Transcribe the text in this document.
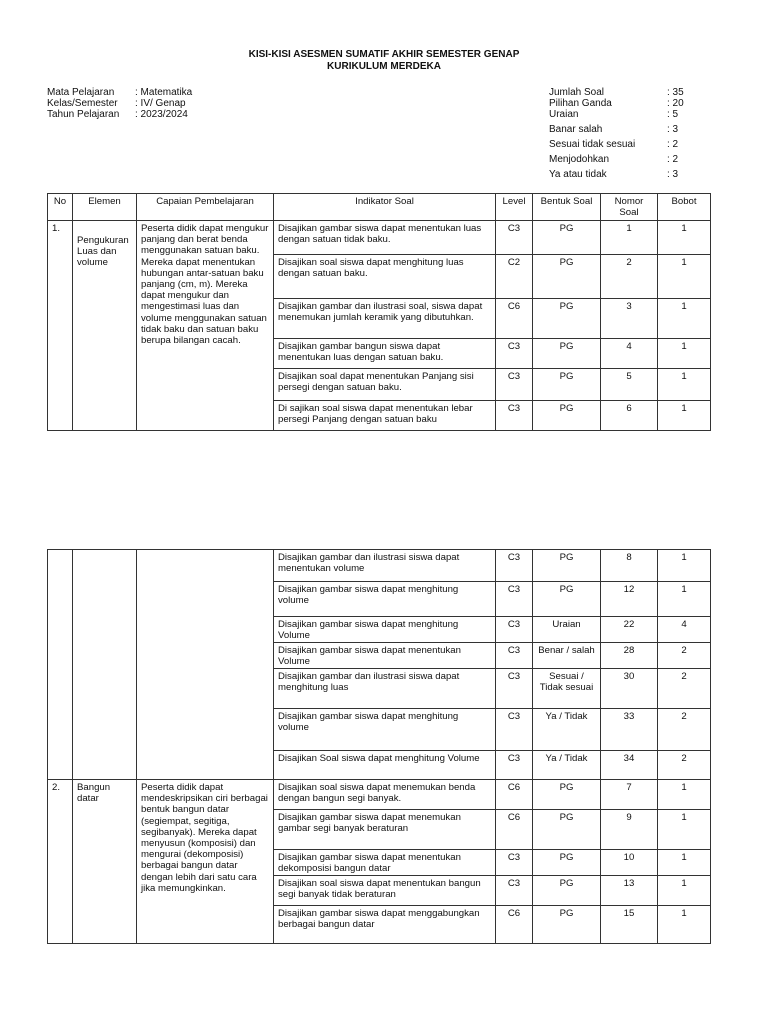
KISI-KISI ASESMEN SUMATIF AKHIR SEMESTER GENAP
KURIKULUM MERDEKA
Mata Pelajaran : Matematika
Kelas/Semester : IV/ Genap
Tahun Pelajaran : 2023/2024
Jumlah Soal	: 35
Pilihan Ganda	: 20
Uraian	: 5
Banar salah	: 3
Sesuai tidak sesuai	: 2
Menjodohkan	: 2
Ya atau tidak	: 3
No	Elemen	Capaian Pembelajaran	Indikator Soal	Level	Bentuk Soal	Nomor Soal	Bobot
1.	Pengukuran Luas dan volume	Peserta didik dapat mengukur panjang dan berat benda menggunakan satuan baku. Mereka dapat menentukan hubungan antar-satuan baku panjang (cm, m). Mereka dapat mengukur dan mengestimasi luas dan volume menggunakan satuan tidak baku dan satuan baku berupa bilangan cacah.	Disajikan gambar siswa dapat menentukan luas dengan satuan tidak baku.	C3	PG	1	1
			Disajikan soal siswa dapat menghitung luas dengan satuan baku.	C2	PG	2	1
			Disajikan gambar dan ilustrasi soal, siswa dapat menemukan jumlah keramik yang dibutuhkan.	C6	PG	3	1
			Disajikan gambar bangun siswa dapat menentukan luas dengan satuan baku.	C3	PG	4	1
			Disajikan soal dapat menentukan Panjang sisi persegi dengan satuan baku.	C3	PG	5	1
			Di sajikan soal siswa dapat menentukan lebar persegi Panjang dengan satuan baku	C3	PG	6	1
			Disajikan gambar dan ilustrasi siswa dapat menentukan volume	C3	PG	8	1
			Disajikan gambar siswa dapat menghitung volume	C3	PG	12	1
			Disajikan gambar siswa dapat menghitung Volume	C3	Uraian	22	4
			Disajikan gambar siswa dapat menentukan Volume	C3	Benar / salah	28	2
			Disajikan gambar dan ilustrasi siswa dapat menghitung luas	C3	Sesuai / Tidak sesuai	30	2
			Disajikan gambar siswa dapat menghitung volume	C3	Ya / Tidak	33	2
			Disajikan Soal siswa dapat menghitung Volume	C3	Ya / Tidak	34	2
2.	Bangun datar	Peserta didik dapat mendeskripsikan ciri berbagai bentuk bangun datar (segiempat, segitiga, segibanyak). Mereka dapat menyusun (komposisi) dan mengurai (dekomposisi) berbagai bangun datar dengan lebih dari satu cara jika memungkinkan.	Disajikan soal siswa dapat menemukan benda dengan bangun segi banyak.	C6	PG	7	1
			Disajikan gambar siswa dapat menemukan gambar segi banyak beraturan	C6	PG	9	1
			Disajikan gambar siswa dapat menentukan dekomposisi bangun datar	C3	PG	10	1
			Disajikan soal siswa dapat menentukan bangun segi banyak tidak beraturan	C3	PG	13	1
			Disajikan gambar siswa dapat menggabungkan berbagai bangun datar	C6	PG	15	1
